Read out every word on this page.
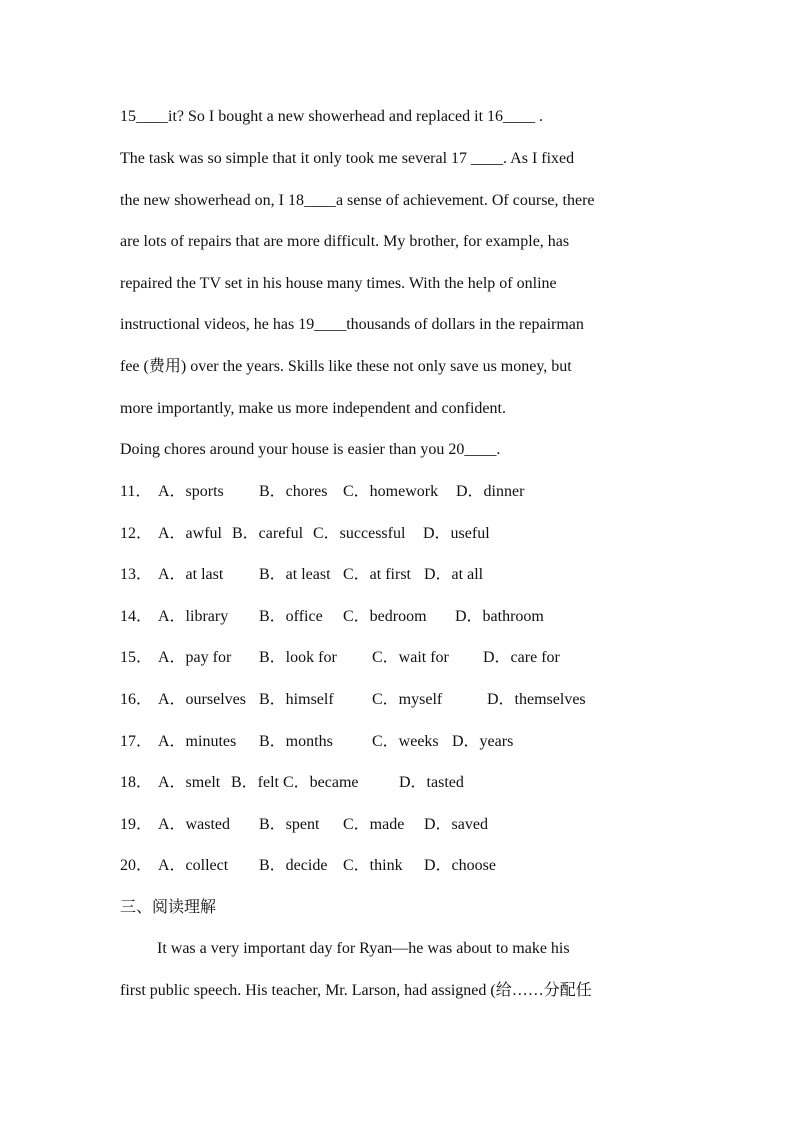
15____it? So I bought a new showerhead and replaced it 16____ .
The task was so simple that it only took me several 17 ____. As I fixed
the new showerhead on, I 18____a sense of achievement. Of course, there
are lots of repairs that are more difficult. My brother, for example, has
repaired the TV set in his house many times. With the help of online
instructional videos, he has 19____thousands of dollars in the repairman
fee (费用) over the years. Skills like these not only save us money, but
more importantly, make us more independent and confident.
Doing chores around your house is easier than you 20____.
11． A．sports B．chores C．homework D．dinner
12． A．awful B．careful C．successful D．useful
13． A．at last B．at least C．at first D．at all
14． A．library B．office C．bedroom D．bathroom
15． A．pay for B．look for C．wait for D．care for
16． A．ourselves B．himself C．myself	D．themselves
17． A．minutes B．months C．weeks D．years
18． A．smelt B．felt C．became	D．tasted
19． A．wasted B．spent C．made D．saved
20． A．collect B．decide C．think D．choose
三、阅读理解
It was a very important day for Ryan—he was about to make his
first public speech. His teacher, Mr. Larson, had assigned (给……分配任
